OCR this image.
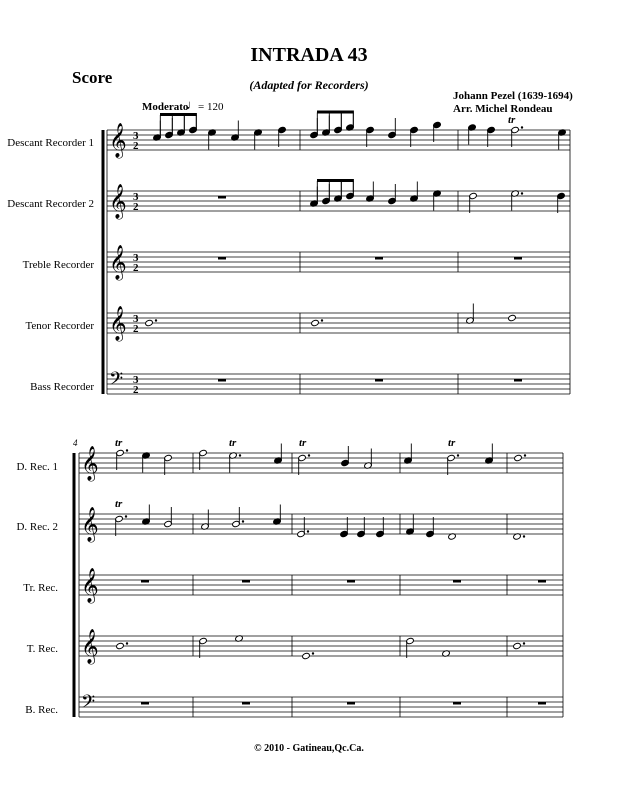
INTRADA 43
(Adapted for Recorders)
Score
Johann Pezel (1639-1694)
Arr. Michel Rondeau
Moderato
♩ = 120
Descant Recorder 1
Descant Recorder 2
Treble Recorder
Tenor Recorder
Bass Recorder
4
D. Rec. 1
D. Rec. 2
Tr. Rec.
T. Rec.
B. Rec.
© 2010 - Gatineau,Qc.Ca.
𝄞 3
2
𝄞 3
2
𝄞 3
2
𝄞 3
2
𝄢 3
2
tr
𝄞
𝄞
𝄞
𝄞
𝄢
tr	tr	tr	tr
tr
